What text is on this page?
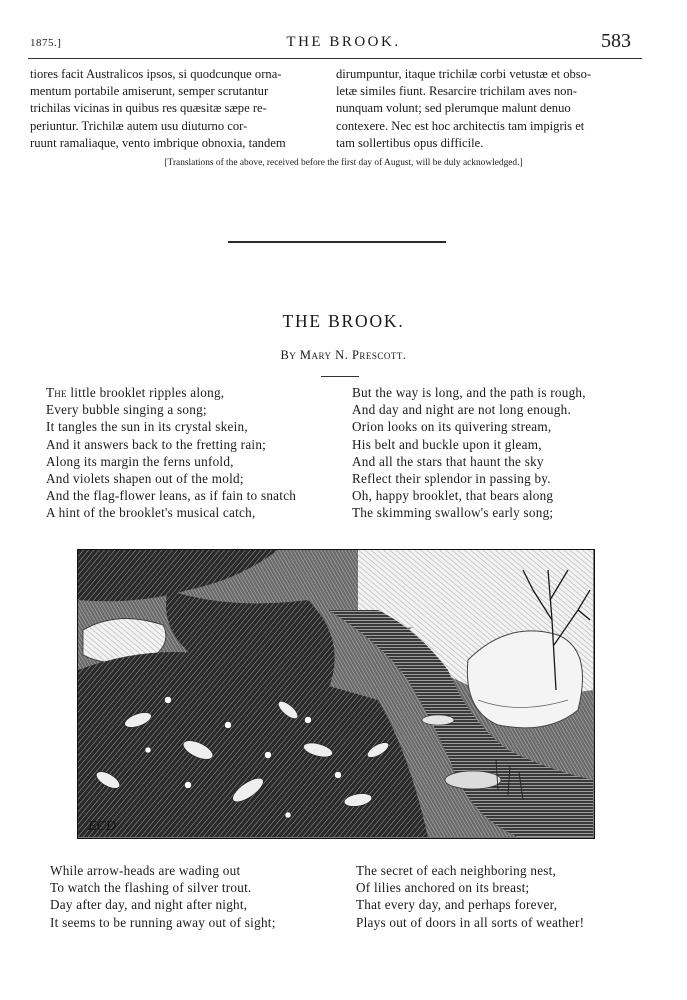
THE BROOK.
1875.]	583
tiores facit Australicos ipsos, si quodcunque orna-
mentum portabile amiserunt, semper scrutantur
trichilas vicinas in quibus res quæsitæ sæpe re-
periuntur. Trichilæ autem usu diuturno cor-
ruunt ramaliaque, vento imbrique obnoxia, tandem
dirumpuntur, itaque trichilæ corbi vetustæ et obso-
letæ similes fiunt. Resarcire trichilam aves non-
nunquam volunt; sed plerumque malunt denuo
contexere. Nec est hoc architectis tam impigris et
tam sollertibus opus difficile.
[Translations of the above, received before the first day of August, will be duly acknowledged.]
THE BROOK.
By Mary N. Prescott.
The little brooklet ripples along,
Every bubble singing a song;
It tangles the sun in its crystal skein,
And it answers back to the fretting rain;
Along its margin the ferns unfold,
And violets shapen out of the mold;
And the flag-flower leans, as if fain to snatch
A hint of the brooklet's musical catch,
But the way is long, and the path is rough,
And day and night are not long enough.
Orion looks on its quivering stream,
His belt and buckle upon it gleam,
And all the stars that haunt the sky
Reflect their splendor in passing by.
Oh, happy brooklet, that bears along
The skimming swallow's early song;
ECD
While arrow-heads are wading out
To watch the flashing of silver trout.
Day after day, and night after night,
It seems to be running away out of sight;
The secret of each neighboring nest,
Of lilies anchored on its breast;
That every day, and perhaps forever,
Plays out of doors in all sorts of weather!
